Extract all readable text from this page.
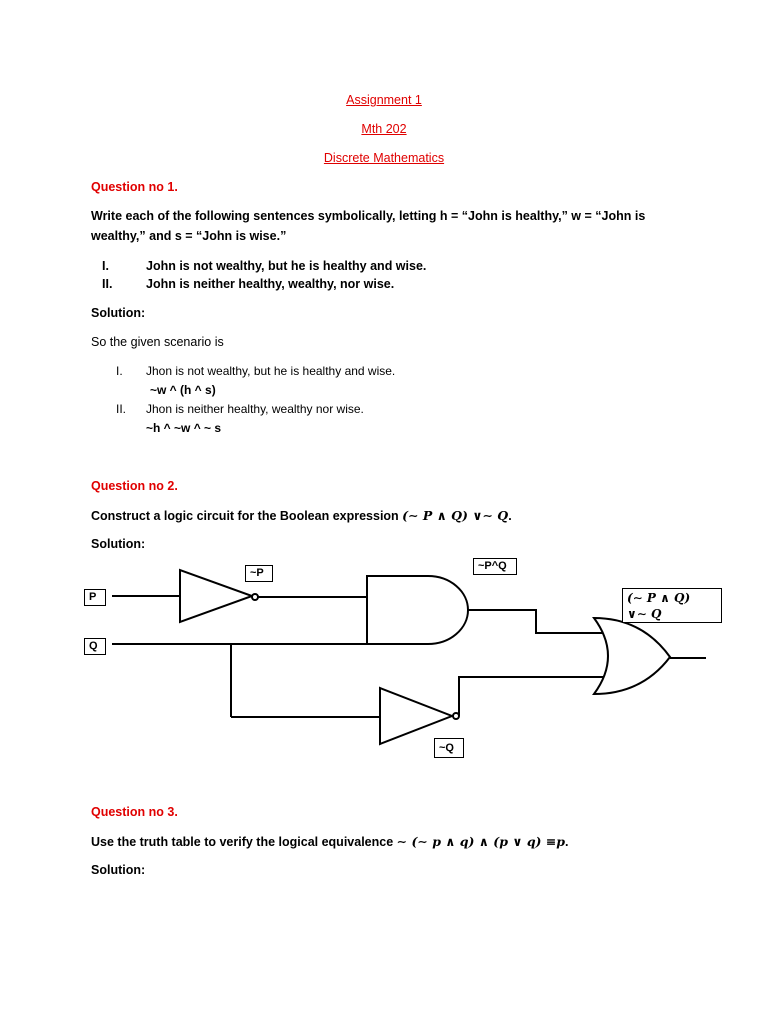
Assignment 1
Mth 202
Discrete Mathematics
Question no 1.
Write each of the following sentences symbolically, letting h = “John is healthy,” w = “John is
wealthy,” and s = “John is wise.”
I.	John is not wealthy, but he is healthy and wise.
II.	John is neither healthy, wealthy, nor wise.
Solution:
So the given scenario is
I. Jhon is not wealthy, but he is healthy and wise.
~w ^ (h ^ s)
II. Jhon is neither healthy, wealthy nor wise.
~h ^ ~w ^ ~ s
Question no 2.
Construct a logic circuit for the Boolean expression (∼ P ∧ Q) ∨∼ Q.
Solution:
P
Q
~P
~P^Q
~Q
(∼ P ∧ Q)
∨∼ Q
Question no 3.
Use the truth table to verify the logical equivalence ∼ (∼ p ∧ q) ∧ (p ∨ q) ≡p.
Solution:
